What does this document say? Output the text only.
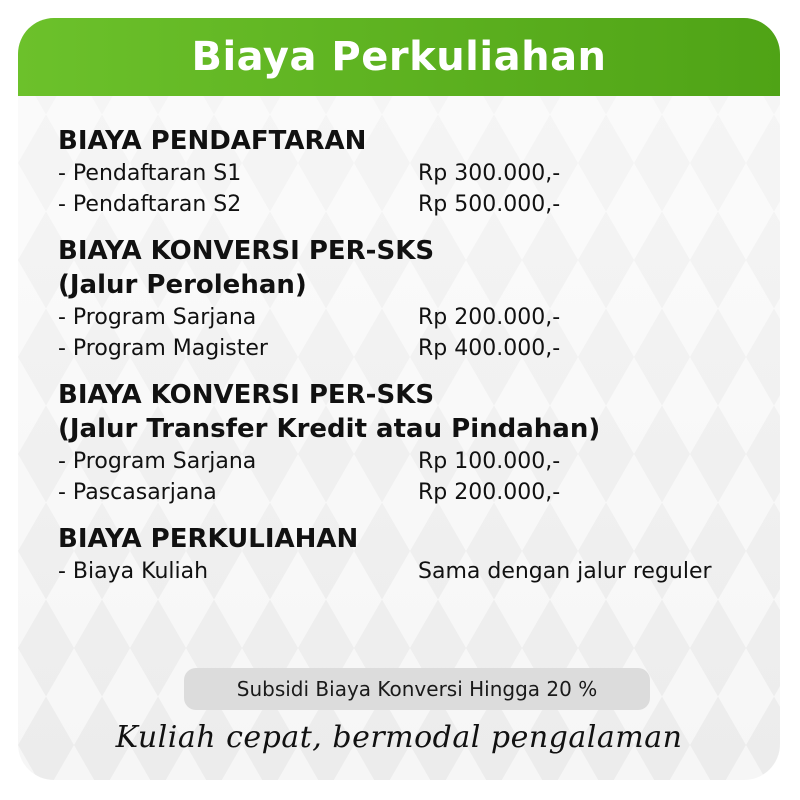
Biaya Perkuliahan
BIAYA PENDAFTARAN
- Pendaftaran S1	Rp 300.000,-
- Pendaftaran S2	Rp 500.000,-
BIAYA KONVERSI PER-SKS
(Jalur Perolehan)
- Program Sarjana	Rp 200.000,-
- Program Magister	Rp 400.000,-
BIAYA KONVERSI PER-SKS
(Jalur Transfer Kredit atau Pindahan)
- Program Sarjana	Rp 100.000,-
- Pascasarjana	Rp 200.000,-
BIAYA PERKULIAHAN
- Biaya Kuliah	Sama dengan jalur reguler
Subsidi Biaya Konversi Hingga 20 %
Kuliah cepat, bermodal pengalaman
